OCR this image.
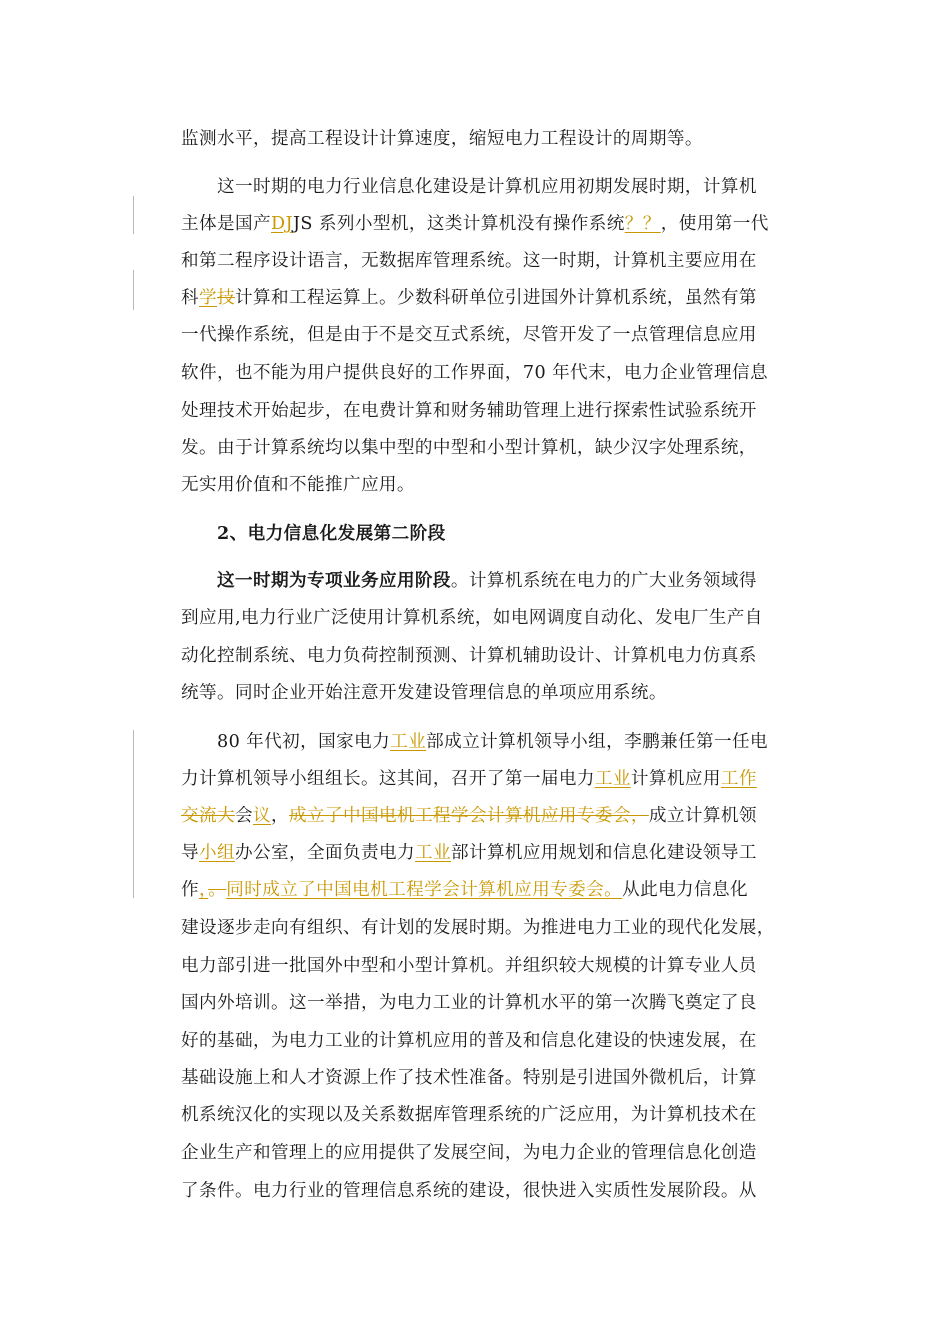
监测水平，提高工程设计计算速度，缩短电力工程设计的周期等。
这一时期的电力行业信息化建设是计算机应用初期发展时期，计算机
主体是国产DJJS 系列小型机，这类计算机没有操作系统？？，使用第一代
和第二程序设计语言，无数据库管理系统。这一时期，计算机主要应用在
科学技计算和工程运算上。少数科研单位引进国外计算机系统，虽然有第
一代操作系统，但是由于不是交互式系统，尽管开发了一点管理信息应用
软件，也不能为用户提供良好的工作界面，70 年代末，电力企业管理信息
处理技术开始起步，在电费计算和财务辅助管理上进行探索性试验系统开
发。由于计算系统均以集中型的中型和小型计算机，缺少汉字处理系统，
无实用价值和不能推广应用。
2、电力信息化发展第二阶段
这一时期为专项业务应用阶段。计算机系统在电力的广大业务领域得
到应用,电力行业广泛使用计算机系统，如电网调度自动化、发电厂生产自
动化控制系统、电力负荷控制预测、计算机辅助设计、计算机电力仿真系
统等。同时企业开始注意开发建设管理信息的单项应用系统。
80 年代初，国家电力工业部成立计算机领导小组，李鹏兼任第一任电
力计算机领导小组组长。这其间，召开了第一届电力工业计算机应用工作
交流大会议，成立了中国电机工程学会计算机应用专委会，成立计算机领
导小组办公室，全面负责电力工业部计算机应用规划和信息化建设领导工
作，。同时成立了中国电机工程学会计算机应用专委会。从此电力信息化
建设逐步走向有组织、有计划的发展时期。为推进电力工业的现代化发展，
电力部引进一批国外中型和小型计算机。并组织较大规模的计算专业人员
国内外培训。这一举措，为电力工业的计算机水平的第一次腾飞奠定了良
好的基础，为电力工业的计算机应用的普及和信息化建设的快速发展，在
基础设施上和人才资源上作了技术性准备。特别是引进国外微机后，计算
机系统汉化的实现以及关系数据库管理系统的广泛应用，为计算机技术在
企业生产和管理上的应用提供了发展空间，为电力企业的管理信息化创造
了条件。电力行业的管理信息系统的建设，很快进入实质性发展阶段。从
